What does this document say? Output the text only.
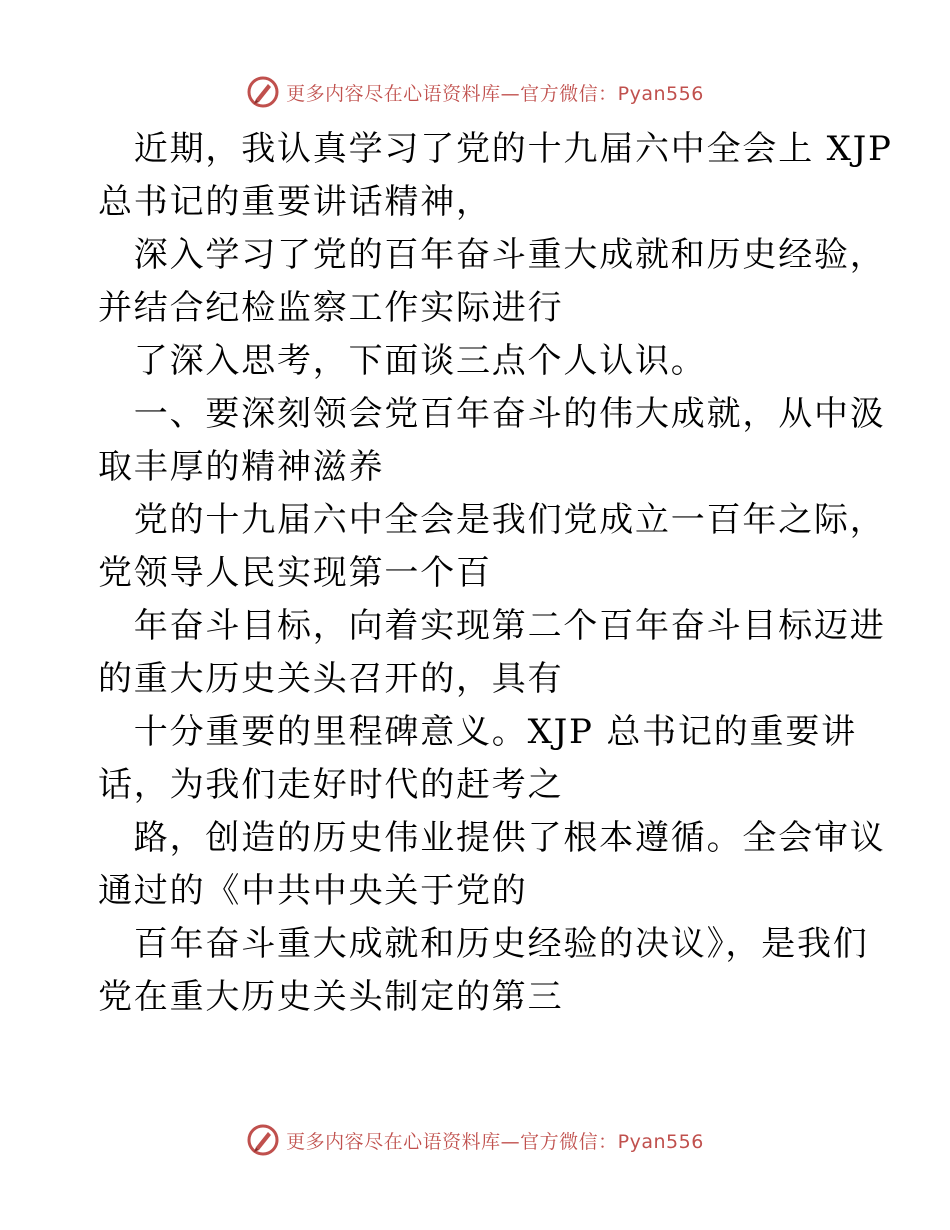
更多内容尽在心语资料库—官方微信：Pyan556
　近期，我认真学习了党的十九届六中全会上 XJP
总书记的重要讲话精神，
　深入学习了党的百年奋斗重大成就和历史经验，
并结合纪检监察工作实际进行
　了深入思考，下面谈三点个人认识。
　一、要深刻领会党百年奋斗的伟大成就，从中汲
取丰厚的精神滋养
　党的十九届六中全会是我们党成立一百年之际，
党领导人民实现第一个百
　年奋斗目标，向着实现第二个百年奋斗目标迈进
的重大历史关头召开的，具有
　十分重要的里程碑意义。XJP 总书记的重要讲
话，为我们走好时代的赶考之
　路，创造的历史伟业提供了根本遵循。全会审议
通过的《中共中央关于党的
　百年奋斗重大成就和历史经验的决议》，是我们
党在重大历史关头制定的第三
更多内容尽在心语资料库—官方微信：Pyan556
